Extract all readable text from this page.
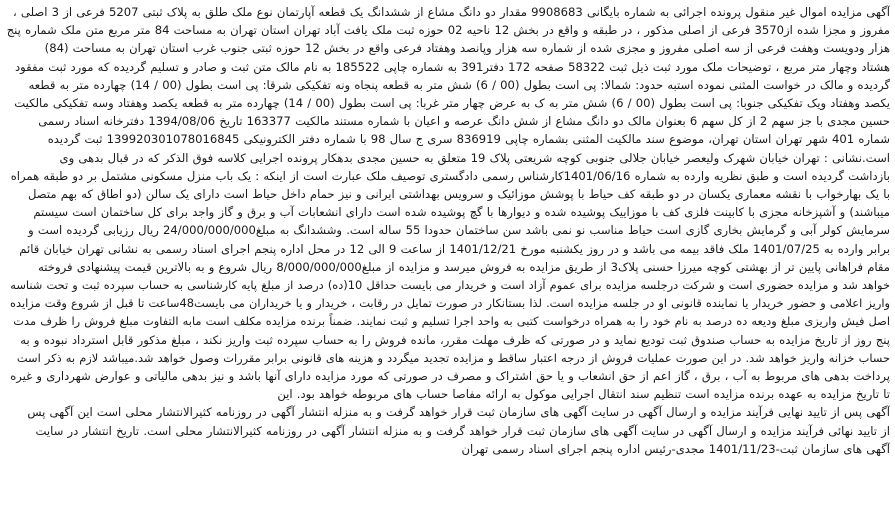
آگهی مزایده اموال غیر منقول پرونده اجرائی به شماره بایگانی 9908683 مقدار دو دانگ مشاع از ششدانگ یک قطعه آپارتمان نوع ملک طلق به پلاک ثبتی 5207 فرعی از 3 اصلی ،
مفروز و مجزا شده از3570 فرعی از اصلی مذکور ، در طبقه و واقع در بخش 12 ناحیه 02 حوزه ثبت ملک یافت آباد تهران استان تهران به مساحت 84 متر مربع متن ملک شماره پنج
هزار ودویست وهفت فرعی از سه اصلی مفروز و مجزی شده از شماره سه هزار وپانصد وهفتاد فرعی واقع در بخش 12 حوزه ثبتی جنوب غرب استان تهران به مساحت (84)
هشتاد وچهار متر مربع ، توضیحات ملک مورد ثبت ذیل ثبت 58322 صفحه 172 دفتر391 به شماره چاپی 185522 به نام مالک متن ثبت و صادر و تسلیم گردیده که مورد ثبت مفقود
گردیده و مالک در خواست المثنی نموده استبه حدود: شمالا: پی است بطول (00 / 6) شش متر به قطعه پنجاه ونه تفکیکی شرقا: پی است بطول (00 / 14) چهارده متر به قطعه
یکصد وهفتاد ویک تفکیکی جنوبا: پی است بطول (00 / 6) شش متر به ک به عرض چهار متر غربا: پی است بطول (00 / 14) چهارده متر به قطعه یکصد وهفتاد وسه تفکیکی مالکیت
حسین مجدی با جز سهم 2 از کل سهم 6 بعنوان مالک دو دانگ مشاع از شش دانگ عرصه و اعیان با شماره مستند مالکیت 163377 تاریخ 1394/08/06 دفترخانه اسناد رسمی
شماره 401 شهر تهران استان تهران، موضوع سند مالکیت المثنی بشماره چاپی 836919 سری ج سال 98 با شماره دفتر الکترونیکی 139920301078016845 ثبت گردیده
است.نشانی : تهران خیابان شهرک ولیعصر خیابان جلالی جنوبی کوچه شریعتی پلاک 19 متعلق به حسین مجدی بدهکار پرونده اجرایی کلاسه فوق الذکر که در قبال بدهی وی
بازداشت گردیده است و طبق نظریه وارده به شماره 1401/06/16کارشناس رسمی دادگستری توصیف ملک عبارت است از اینکه : یک باب منزل مسکونی مشتمل بر دو طبقه همراه
با یک بهارخواب با نقشه معماری یکسان در دو طبقه کف حیاط با پوشش موزائیک و سرویس بهداشتی ایرانی و نیز حمام داخل حیاط است دارای یک سالن (دو اطاق که بهم متصل
میباشند) و آشپزخانه مجزی با کابینت فلزی کف با موزاییک پوشیده شده و دیوارها با گچ پوشیده شده است دارای انشعابات آب و برق و گاز واجد برای کل ساختمان است سیستم
سرمایش کولر آبی و گرمایش بخاری گازی است حیاط مناسب نو نمی باشد سن ساختمان حدودا 55 ساله است. وششدانگ به مبلغ24/000/000/000 ریال رزیابی گردیده است و
برابر وارده به 1401/07/25 ملک فاقد بیمه می باشد و در روز یکشنبه مورخ 1401/12/21 از ساعت 9 الی 12 در محل اداره پنجم اجرای اسناد رسمی به نشانی تهران خیابان قائم
مقام فراهانی پایین تر از بهشتی کوچه میرزا حسنی پلاک3 از طریق مزایده به فروش میرسد و مزایده از مبلغ8/000/000/000 ریال شروع و به بالاترین قیمت پیشنهادی فروخته
خواهد شد و مزایده حضوری است و شرکت درجلسه مزایده برای عموم آزاد است و خریدار می بایست حداقل 10(ده) درصد از مبلغ پایه کارشناسی به حساب سپرده ثبت و تحت شناسه
واریز اعلامی و حضور خریدار یا نماینده قانونی او در جلسه مزایده است. لذا بستانکار در صورت تمایل در رقابت ، خریدار و یا خریداران می بایست48ساعت تا قبل از شروع وقت مزایده
اصل فیش واریزی مبلغ ودیعه ده درصد به نام خود را به همراه درخواست کتبی به واحد اجرا تسلیم و ثبت نمایند. ضمناً برنده مزایده مکلف است مابه التفاوت مبلغ فروش را ظرف مدت
پنج روز از تاریخ مزایده به حساب صندوق ثبت تودیع نماید و در صورتی که ظرف مهلت مقرر، مانده فروش را به حساب سپرده ثبت واریز نکند ، مبلغ مذکور قابل استرداد نبوده و به
حساب خزانه واریز خواهد شد. در این صورت عملیات فروش از درجه اعتبار ساقط و مزایده تجدید میگردد و هزینه های قانونی برابر مقررات وصول خواهد شد.میباشد لازم به ذکر است
پرداخت بدهی های مربوط به آب ، برق ، گاز اعم از حق انشعاب و یا حق اشتراک و مصرف در صورتی که مورد مزایده دارای آنها باشد و نیز بدهی مالیاتی و عوارض شهرداری و غیره
تا تاریخ مزایده به عهده برنده مزایده است تنظیم سند انتقال اجرایی موکول به ارائه مفاصا حساب های مربوطه خواهد بود. این
آگهی پس از تایید نهایی فرآیند مزایده و ارسال آگهی در سایت آگهی های سازمان ثبت قرار خواهد گرفت و به منزله انتشار آگهی در روزنامه کثیرالانتشار محلی است این آگهی پس
از تایید نهائی فرآیند مزایده و ارسال آگهی در سایت آگهی های سازمان ثبت قرار خواهد گرفت و به منزله انتشار آگهی در روزنامه کثیرالانتشار محلی است. تاریخ انتشار در سایت
آگهی های سازمان ثبت-1401/11/23 مجدی-رئیس اداره پنجم اجرای اسناد رسمی تهران
